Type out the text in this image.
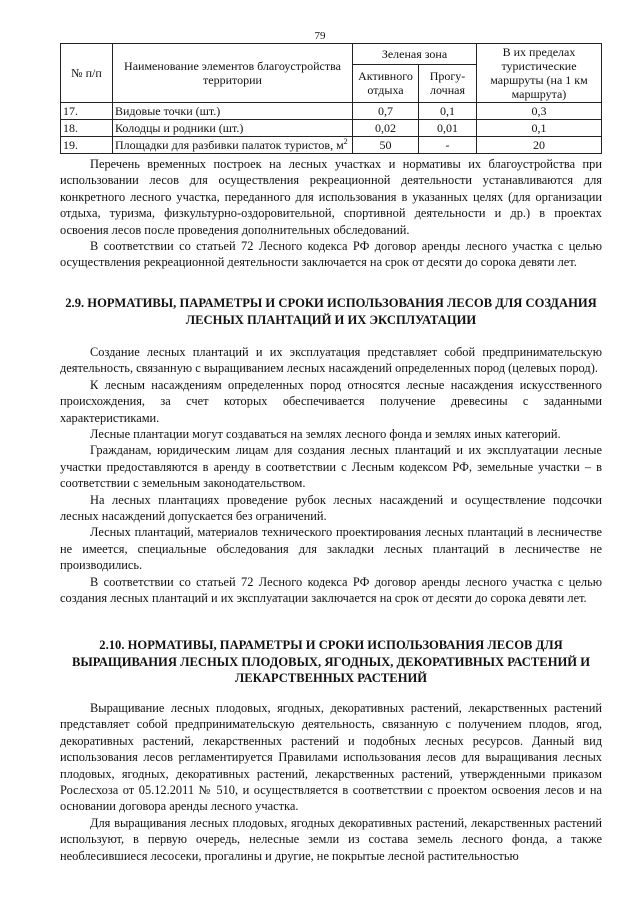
79
№ п/п	Наименование элементов благоустройства территории	Зеленая зона		В их пределах туристические маршруты (на 1 км маршрута)
		Активного отдыха	Прогу-лочная	
17.	Видовые точки (шт.)	0,7	0,1	0,3
18.	Колодцы и родники (шт.)	0,02	0,01	0,1
19.	Площадки для разбивки палаток туристов, $м^2$	50	-	20

Перечень временных построек на лесных участках и нормативы их благоустройства при использовании лесов для осуществления рекреационной деятельности устанавливаются для конкретного лесного участка, переданного для использования в указанных целях (для организации отдыха, туризма, физкультурно-оздоровительной, спортивной деятельности и др.) в проектах освоения лесов после проведения дополнительных обследований.

В соответствии со статьей 72 Лесного кодекса РФ договор аренды лесного участка с целью осуществления рекреационной деятельности заключается на срок от десяти до сорока девяти лет.

2.9. НОРМАТИВЫ, ПАРАМЕТРЫ И СРОКИ ИСПОЛЬЗОВАНИЯ ЛЕСОВ ДЛЯ СОЗДАНИЯ ЛЕСНЫХ ПЛАНТАЦИЙ И ИХ ЭКСПЛУАТАЦИИ

Создание лесных плантаций и их эксплуатация представляет собой предпринимательскую деятельность, связанную с выращиванием лесных насаждений определенных пород (целевых пород).

К лесным насаждениям определенных пород относятся лесные насаждения искусственного происхождения, за счет которых обеспечивается получение древесины с заданными характеристиками.

Лесные плантации могут создаваться на землях лесного фонда и землях иных категорий.

Гражданам, юридическим лицам для создания лесных плантаций и их эксплуатации лесные участки предоставляются в аренду в соответствии с Лесным кодексом РФ, земельные участки – в соответствии с земельным законодательством.

На лесных плантациях проведение рубок лесных насаждений и осуществление подсочки лесных насаждений допускается без ограничений.

Лесных плантаций, материалов технического проектирования лесных плантаций в лесничестве не имеется, специальные обследования для закладки лесных плантаций в лесничестве не производились.

В соответствии со статьей 72 Лесного кодекса РФ договор аренды лесного участка с целью создания лесных плантаций и их эксплуатации заключается на срок от десяти до сорока девяти лет.

2.10. НОРМАТИВЫ, ПАРАМЕТРЫ И СРОКИ ИСПОЛЬЗОВАНИЯ ЛЕСОВ ДЛЯ ВЫРАЩИВАНИЯ ЛЕСНЫХ ПЛОДОВЫХ, ЯГОДНЫХ, ДЕКОРАТИВНЫХ РАСТЕНИЙ И ЛЕКАРСТВЕННЫХ РАСТЕНИЙ

Выращивание лесных плодовых, ягодных, декоративных растений, лекарственных растений представляет собой предпринимательскую деятельность, связанную с получением плодов, ягод, декоративных растений, лекарственных растений и подобных лесных ресурсов. Данный вид использования лесов регламентируется Правилами использования лесов для выращивания лесных плодовых, ягодных, декоративных растений, лекарственных растений, утвержденными приказом Рослесхоза от 05.12.2011 № 510, и осуществляется в соответствии с проектом освоения лесов и на основании договора аренды лесного участка.

Для выращивания лесных плодовых, ягодных декоративных растений, лекарственных растений используют, в первую очередь, нелесные земли из состава земель лесного фонда, а также необлесившиеся лесосеки, прогалины и другие, не покрытые лесной растительностью
